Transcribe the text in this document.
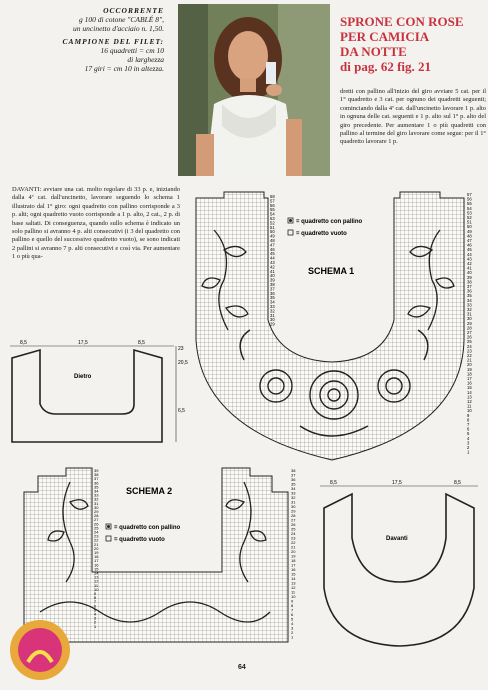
OCCORRENTE
g 100 di cotone "CABLÉ 8",
un uncinetto d'acciaio n. 1,50.
CAMPIONE DEL FILET:
16 quadretti = cm 10
di larghezza
17 giri = cm 10 in altezza.
SPRONE CON ROSE
PER CAMICIA
DA NOTTE
di pag. 62 fig. 21
dretti con pallino all'inizio del giro avviare 5 cat. per il 1° quadretto e 3 cat. per ognuno dei quadretti seguenti; cominciando dalla 4ª cat. dall'uncinetto lavorare 1 p. alto in ognuna delle cat. seguenti e 1 p. alto sul 1° p. alto del giro precedente. Per aumentare 1 o più quadretti con pallino al termine del giro lavorare come segue: per il 1° quadretto lavorare 1 p.
DAVANTI: avviare una cat. molto regolare di 33 p. e, iniziando dalla 4ª cat. dall'uncinetto, lavorare seguendo lo schema 1 illustrato dal 1° giro: ogni quadretto con pallino corrisponde a 3 p. alti; ogni quadretto vuoto corrisponde a 1 p. alto, 2 cat., 2 p. di base saltati. Di conseguenza, quando sullo schema è indicato un solo pallino si avranno 4 p. alti consecutivi (i 3 del quadretto con pallino e quello del successivo quadretto vuoto), se sono indicati 2 pallini si avranno 7 p. alti consecutivi e così via. Per aumentare 1 o più qua-
= quadretto con pallino
= quadretto vuoto
SCHEMA 1
58
57
56
55
54
53
52
51
50
49
48
47
46
45
44
43
42
41
40
39
38
37
36
35
34
33
32
31
30
29
57
56
55
54
53
52
51
50
49
48
47
46
45
44
43
42
41
40
39
38
37
36
35
34
33
32
31
30
29
28
27
26
25
24
23
22
21
20
19
18
17
16
15
14
13
12
11
10
9
8
7
6
5
4
3
2
1
8,5	17,5	8,5
23
20,5
6,5
Dietro
= quadretto con pallino
= quadretto vuoto
SCHEMA 2
39
38
37
36
35
34
33
32
31
30
29
28
27
26
25
24
23
22
21
20
19
18
17
16
15
14
13
12
11
10
9
8
7
6
5
4
3
2
1
38
37
36
35
34
33
32
31
30
29
28
27
26
25
24
23
22
21
20
19
18
17
16
15
14
13
12
11
10
9
8
7
6
5
4
3
2
1
8,5	17,5	8,5
Davanti
64
